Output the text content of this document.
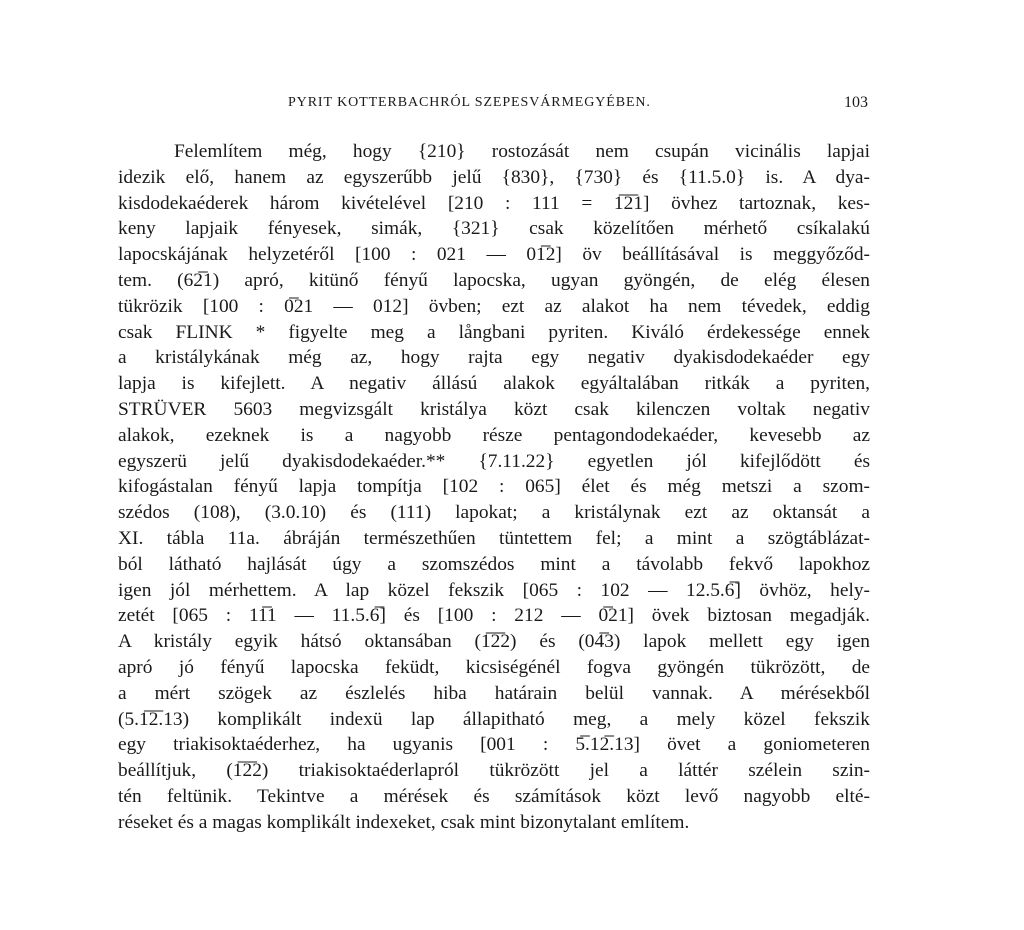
PYRIT KOTTERBACHRÓL SZEPESVÁRMEGYÉBEN.	103
Felemlítem még, hogy {210} rostozását nem csupán vicinális lapjai
idezik elő, hanem az egyszerűbb jelű {830}, {730} és {11.5.0} is. A dya-
kisdodekaéderek három kivételével [210 : 111 = 1̅2̅1] övhez tartoznak, kes-
keny lapjaik fényesek, simák, {321} csak közelítően mérhető csíkalakú
lapocskájának helyzetéről [100 : 021 — 01̅2] öv beállításával is meggyőződ-
tem. (62̅1) apró, kitünő fényű lapocska, ugyan gyöngén, de elég élesen
tükrözik [100 : 0̅21 — 012] övben; ezt az alakot ha nem tévedek, eddig
csak FLINK * figyelte meg a långbani pyriten. Kiváló érdekessége ennek
a kristálykának még az, hogy rajta egy negativ dyakisdodekaéder egy
lapja is kifejlett. A negativ állású alakok egyáltalában ritkák a pyriten,
STRÜVER 5603 megvizsgált kristálya közt csak kilenczen voltak negativ
alakok, ezeknek is a nagyobb része pentagondodekaéder, kevesebb az
egyszerü jelű dyakisdodekaéder.** {7.11.22} egyetlen jól kifejlődött és
kifogástalan fényű lapja tompítja [102 : 065] élet és még metszi a szom-
szédos (108), (3.0.10) és (111) lapokat; a kristálynak ezt az oktansát a
XI. tábla 11a. ábráján természethűen tüntettem fel; a mint a szögtáblázat-
ból látható hajlását úgy a szomszédos mint a távolabb fekvő lapokhoz
igen jól mérhettem. A lap közel fekszik [065 : 102 — 12.5.6̅] övhöz, hely-
zetét [065 : 11̅1 — 11.5.6̅] és [100 : 212 — 0̅21] övek biztosan megadják.
A kristály egyik hátsó oktansában (1̅2̅2) és (04̅3) lapok mellett egy igen
apró jó fényű lapocska feküdt, kicsiségénél fogva gyöngén tükrözött, de
a mért szögek az észlelés hiba határain belül vannak. A mérésekből
(5.1̅2̅.13) komplikált indexü lap állapitható meg, a mely közel fekszik
egy triakisoktaéderhez, ha ugyanis [001 : 5̅.12̅.13] övet a goniometeren
beállítjuk, (1̅2̅2) triakisoktaéderlapról tükrözött jel a láttér szélein szin-
tén feltünik. Tekintve a mérések és számítások közt levő nagyobb elté-
réseket és a magas komplikált indexeket, csak mint bizonytalant említem.
